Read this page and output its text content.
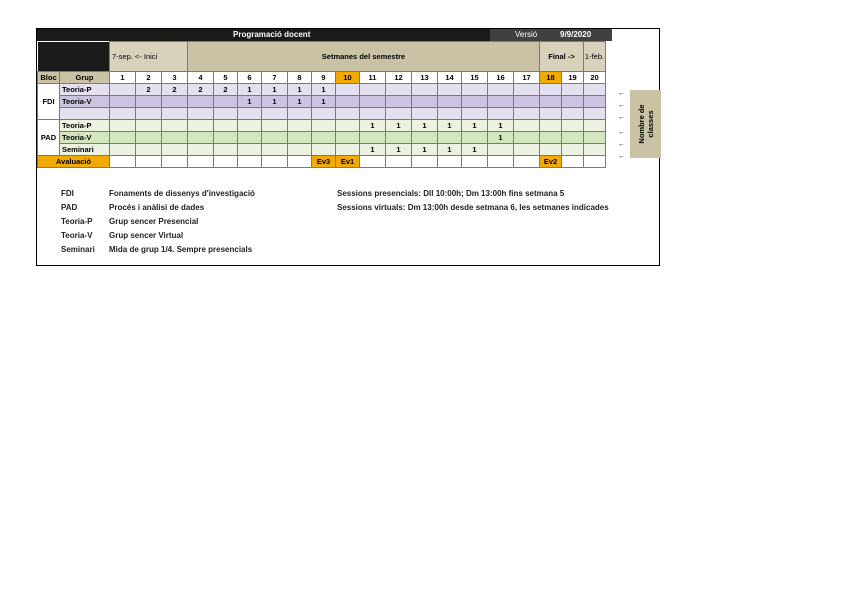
Programació docent	Versió	9/9/2020
		7-sep. <- Inici			Setmanes del semestre														Final ->		1-feb.
Bloc	Grup	1	2	3	4	5	6	7	8	9	10	11	12	13	14	15	16	17	18	19	20
FDI	Teoria-P		2	2	2	2	1	1	1	1											
	Teoria-V						1	1	1	1											

PAD	Teoria-P											1	1	1	1	1	1				
	Teoria-V																1				
	Seminari											1	1	1	1	1					
Avaluació										Ev3	Ev1								Ev2		
Nombre de classes
←
←
←
←
←
←
FDI	Fonaments de dissenys d'investigació
PAD	Procés i anàlisi de dades
Teoria-P Grup sencer Presencial
Teoria-V Grup sencer Virtual
Seminari Mida de grup 1/4. Sempre presencials
Sessions presencials: Dll 10:00h; Dm 13:00h fins setmana 5
Sessions virtuals: Dm 13:00h desde setmana 6, les setmanes indicades
